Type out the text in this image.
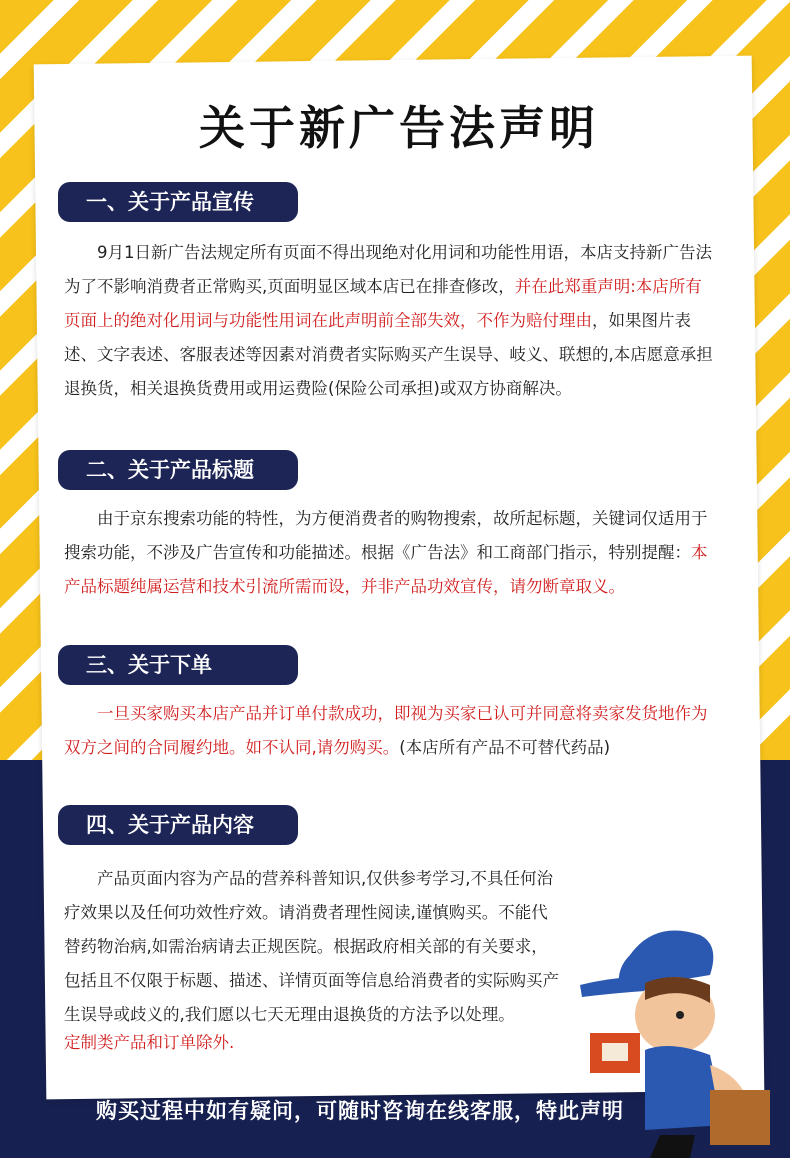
关于新广告法声明
一、关于产品宣传

9月1日新广告法规定所有页面不得出现绝对化用词和功能性用语，本店支持新广告法为了不影响消费者正常购买,页面明显区域本店已在排查修改，并在此郑重声明:本店所有页面上的绝对化用词与功能性用词在此声明前全部失效，不作为赔付理由，如果图片表述、文字表述、客服表述等因素对消费者实际购买产生误导、岐义、联想的,本店愿意承担退换货，相关退换货费用或用运费险(保险公司承担)或双方协商解决。

二、关于产品标题

由于京东搜索功能的特性，为方便消费者的购物搜索，故所起标题，关键词仅适用于搜索功能，不涉及广告宣传和功能描述。根据《广告法》和工商部门指示，特别提醒：本产品标题纯属运营和技术引流所需而设，并非产品功效宣传，请勿断章取义。

三、关于下单

一旦买家购买本店产品并订单付款成功，即视为买家已认可并同意将卖家发货地作为双方之间的合同履约地。如不认同,请勿购买。(本店所有产品不可替代药品)

四、关于产品内容

产品页面内容为产品的营养科普知识,仅供参考学习,不具任何治疗效果以及任何功效性疗效。请消费者理性阅读,谨慎购买。不能代替药物治病,如需治病请去正规医院。根据政府相关部的有关要求，包括且不仅限于标题、描述、详情页面等信息给消费者的实际购买产生误导或歧义的,我们愿以七天无理由退换货的方法予以处理。

定制类产品和订单除外.

购买过程中如有疑问，可随时咨询在线客服，特此声明
